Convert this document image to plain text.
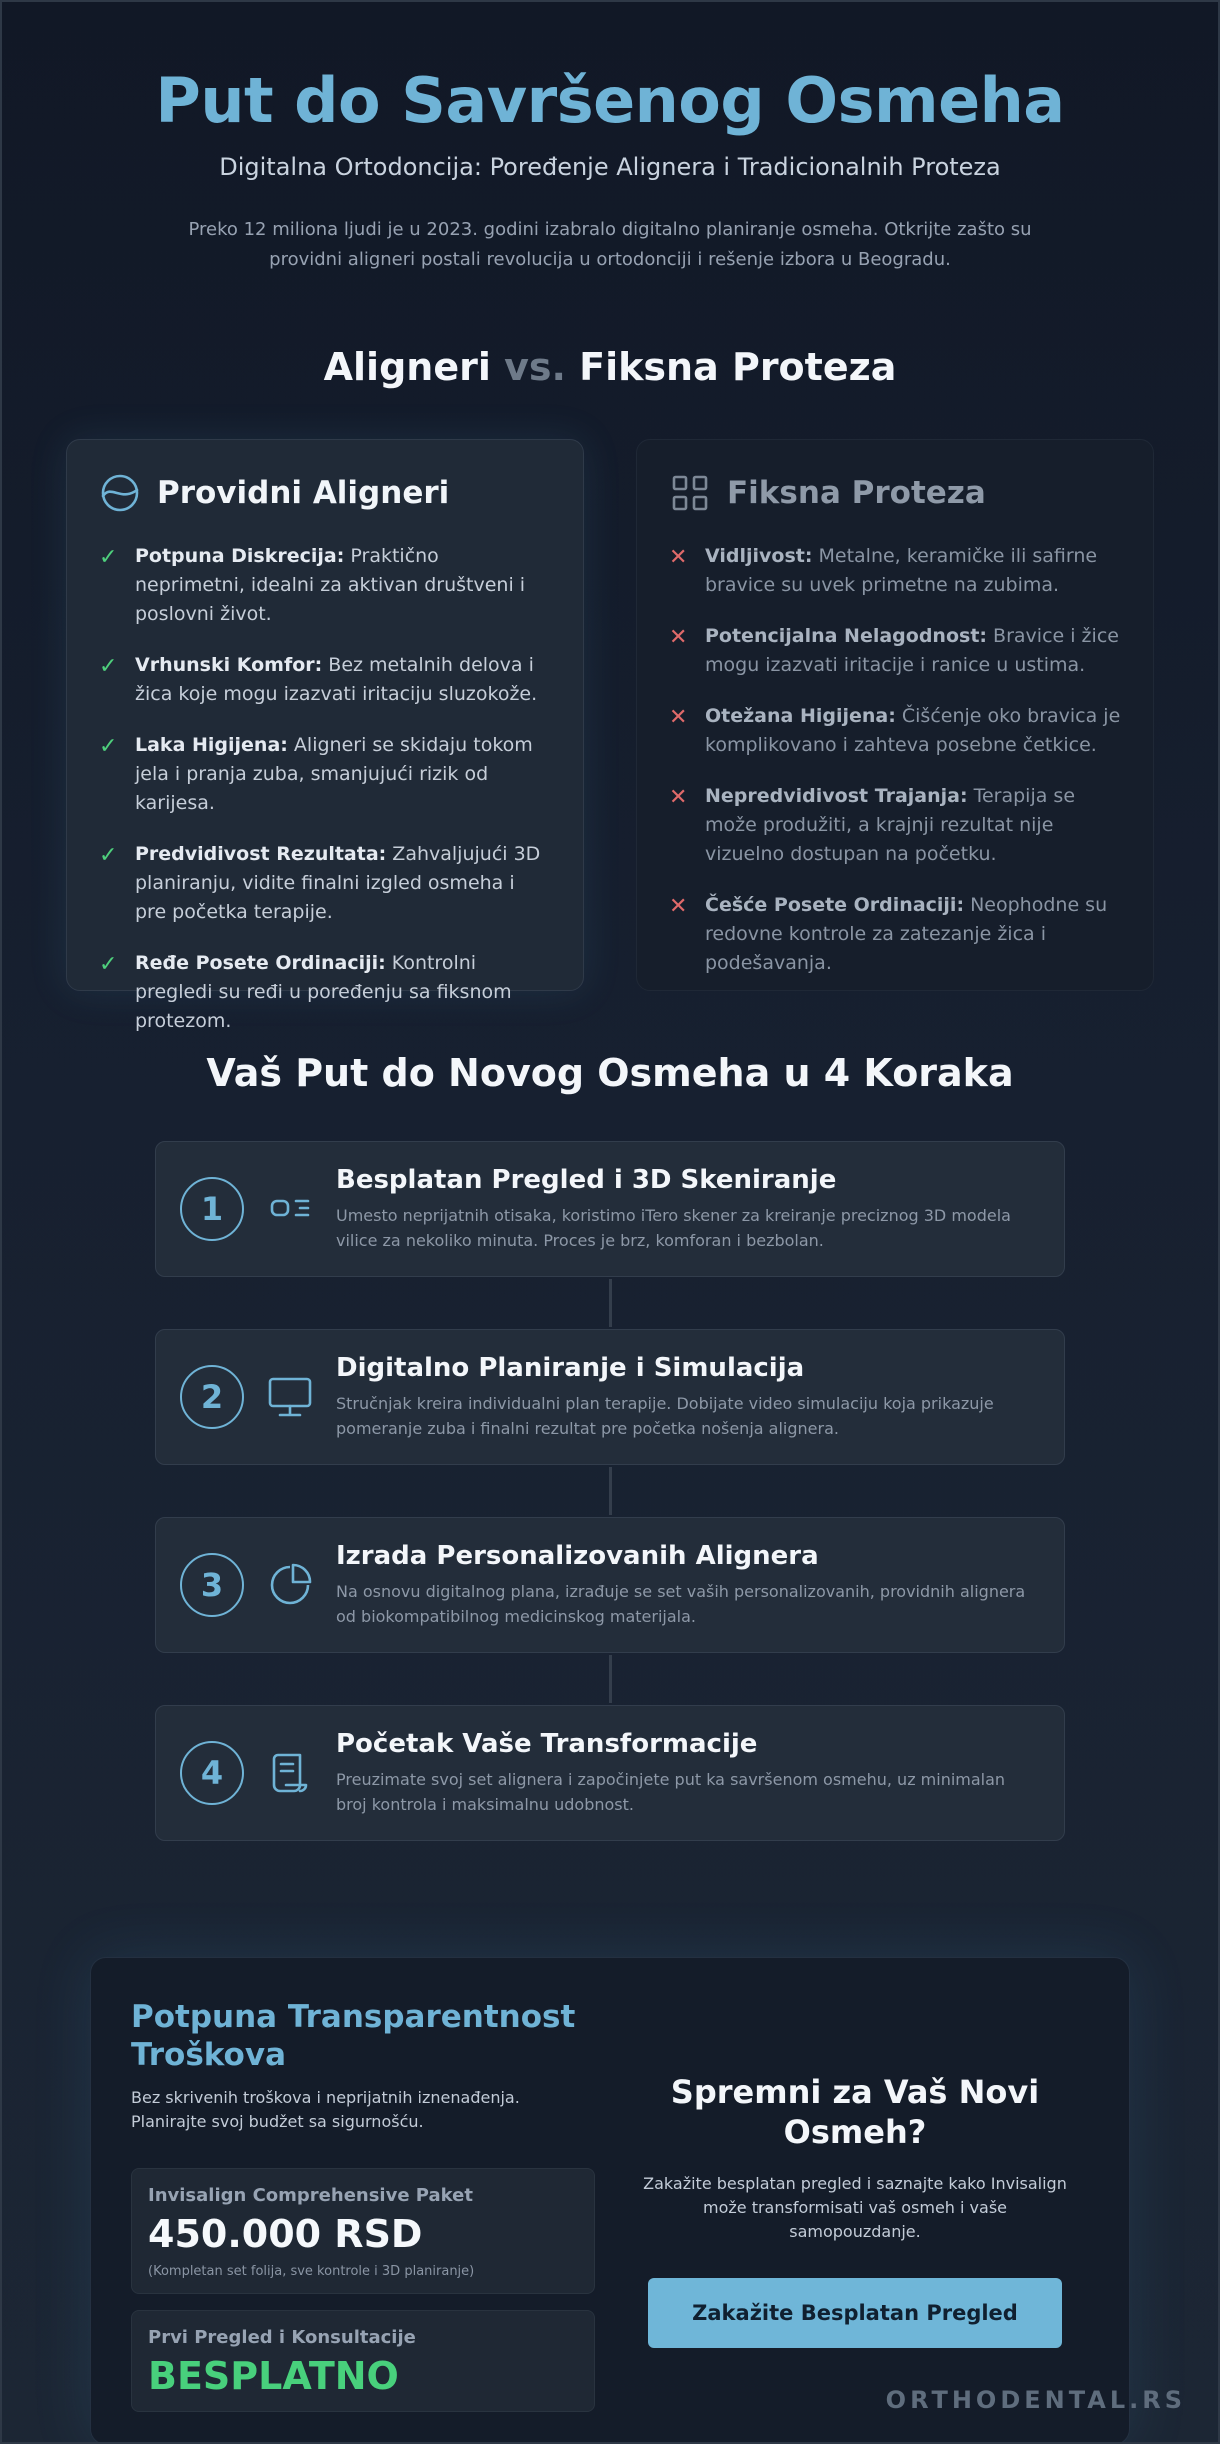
Put do Savršenog Osmeha
Digitalna Ortodoncija: Poređenje Alignera i Tradicionalnih Proteza

Preko 12 miliona ljudi je u 2023. godini izabralo digitalno planiranje osmeha. Otkrijte zašto su providni aligneri postali revolucija u ortodonciji i rešenje izbora u Beogradu.

Aligneri vs. Fiksna Proteza
Providni Aligneri
✓ Potpuna Diskrecija: Praktično neprimetni, idealni za aktivan društveni i poslovni život.
✓ Vrhunski Komfor: Bez metalnih delova i žica koje mogu izazvati iritaciju sluzokože.
✓ Laka Higijena: Aligneri se skidaju tokom jela i pranja zuba, smanjujući rizik od karijesa.
✓ Predvidivost Rezultata: Zahvaljujući 3D planiranju, vidite finalni izgled osmeha i pre početka terapije.
✓ Ređe Posete Ordinaciji: Kontrolni pregledi su ređi u poređenju sa fiksnom protezom.
Fiksna Proteza
✕ Vidljivost: Metalne, keramičke ili safirne bravice su uvek primetne na zubima.
✕ Potencijalna Nelagodnost: Bravice i žice mogu izazvati iritacije i ranice u ustima.
✕ Otežana Higijena: Čišćenje oko bravica je komplikovano i zahteva posebne četkice.
✕ Nepredvidivost Trajanja: Terapija se može produžiti, a krajnji rezultat nije vizuelno dostupan na početku.
✕ Češće Posete Ordinaciji: Neophodne su redovne kontrole za zatezanje žica i podešavanja.
Vaš Put do Novog Osmeha u 4 Koraka
1
Besplatan Pregled i 3D Skeniranje

Umesto neprijatnih otisaka, koristimo iTero skener za kreiranje preciznog 3D modela vilice za nekoliko minuta. Proces je brz, komforan i bezbolan.

2
Digitalno Planiranje i Simulacija

Stručnjak kreira individualni plan terapije. Dobijate video simulaciju koja prikazuje pomeranje zuba i finalni rezultat pre početka nošenja alignera.

3
Izrada Personalizovanih Alignera

Na osnovu digitalnog plana, izrađuje se set vaših personalizovanih, providnih alignera od biokompatibilnog medicinskog materijala.

4
Početak Vaše Transformacije

Preuzimate svoj set alignera i započinjete put ka savršenom osmehu, uz minimalan broj kontrola i maksimalnu udobnost.

Potpuna Transparentnost Troškova

Bez skrivenih troškova i neprijatnih iznenađenja. Planirajte svoj budžet sa sigurnošću.

Invisalign Comprehensive Paket
450.000 RSD
(Kompletan set folija, sve kontrole i 3D planiranje)
Prvi Pregled i Konsultacije
BESPLATNO
Spremni za Vaš Novi Osmeh?

Zakažite besplatan pregled i saznajte kako Invisalign može transformisati vaš osmeh i vaše samopouzdanje.

Zakažite Besplatan Pregled
ORTHODENTAL.RS
